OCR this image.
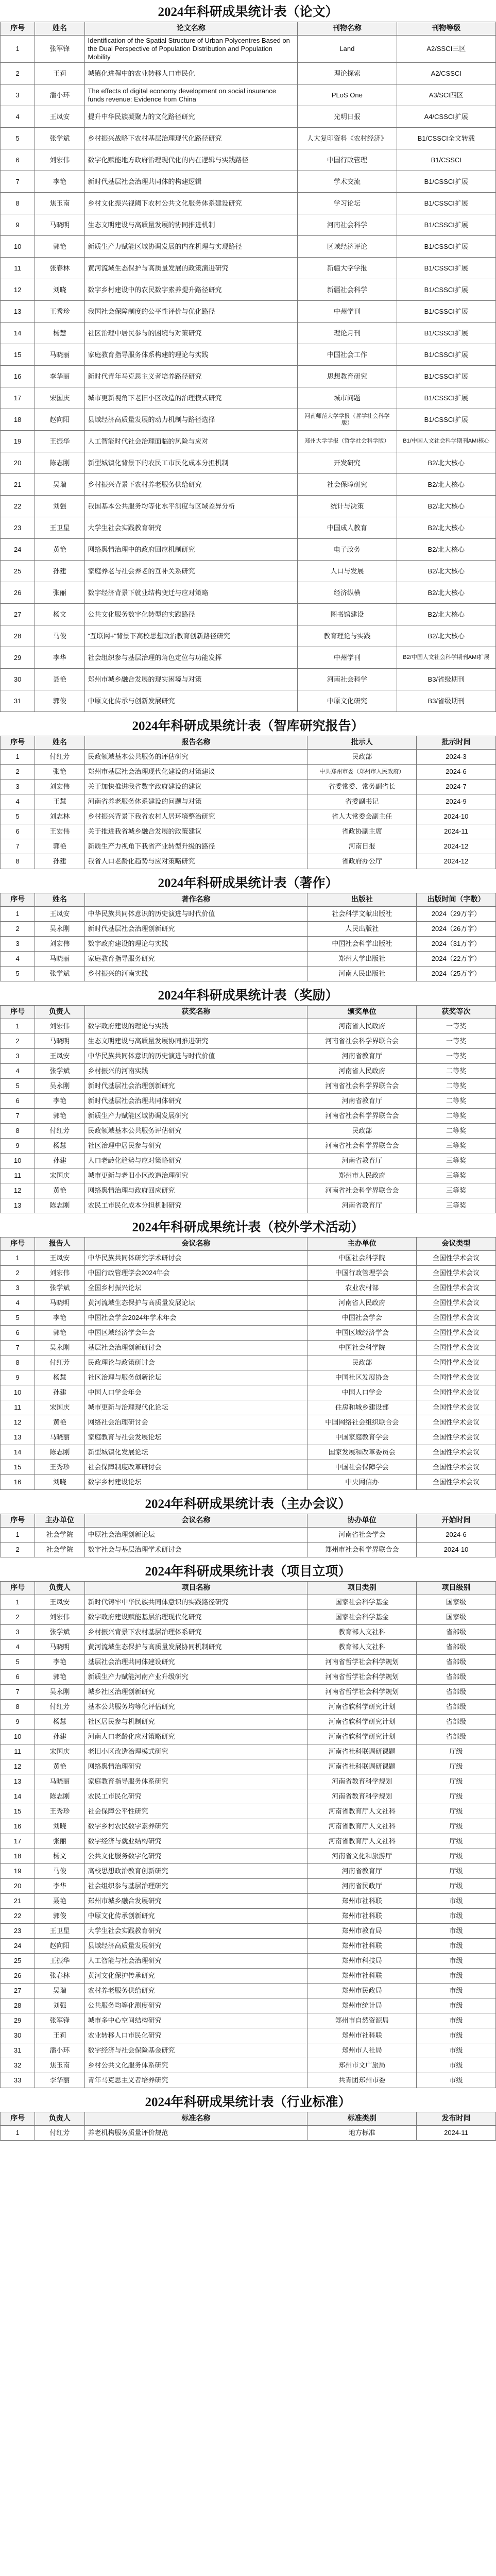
2024年科研成果统计表（论文）
序号	姓名	论文名称	刊物名称	刊物等级
1	张军锋	Identification of the Spatial Structure of Urban Polycentres Based on the Dual Perspective of Population Distribution and Population Mobility	Land	A2/SSCI三区
2	王莉	城镇化进程中的农业转移人口市民化	理论探索	A2/CSSCI
3	潘小环	The effects of digital economy development on social insurance funds revenue: Evidence from China	PLoS One	A3/SCI四区
4	王凤安	提升中华民族凝聚力的文化路径研究	光明日报	A4/CSSCI扩展
5	张学斌	乡村振兴战略下农村基层治理现代化路径研究	人大复印资料《农村经济》	B1/CSSCI全文转载
6	刘宏伟	数字化赋能地方政府治理现代化的内在逻辑与实践路径	中国行政管理	B1/CSSCI
7	李艳	新时代基层社会治理共同体的构建逻辑	学术交流	B1/CSSCI扩展
8	焦玉南	乡村文化振兴视阈下农村公共文化服务体系建设研究	学习论坛	B1/CSSCI扩展
9	马晓明	生态文明建设与高质量发展的协同推进机制	河南社会科学	B1/CSSCI扩展
10	郭艳	新质生产力赋能区域协调发展的内在机理与实现路径	区域经济评论	B1/CSSCI扩展
11	张春林	黄河流域生态保护与高质量发展的政策演进研究	新疆大学学报	B1/CSSCI扩展
12	刘晓	数字乡村建设中的农民数字素养提升路径研究	新疆社会科学	B1/CSSCI扩展
13	王秀珍	我国社会保障制度的公平性评价与优化路径	中州学刊	B1/CSSCI扩展
14	杨慧	社区治理中居民参与的困境与对策研究	理论月刊	B1/CSSCI扩展
15	马晓丽	家庭教育指导服务体系构建的理论与实践	中国社会工作	B1/CSSCI扩展
16	李华丽	新时代青年马克思主义者培养路径研究	思想教育研究	B1/CSSCI扩展
17	宋国庆	城市更新视角下老旧小区改造的治理模式研究	城市问题	B1/CSSCI扩展
18	赵向阳	县域经济高质量发展的动力机制与路径选择	河南师范大学学报（哲学社会科学版）	B1/CSSCI扩展
19	王振华	人工智能时代社会治理面临的风险与应对	郑州大学学报（哲学社会科学版）	B1/中国人文社会科学期刊AMI核心
20	陈志刚	新型城镇化背景下的农民工市民化成本分担机制	开发研究	B2/北大核心
21	吴瑞	乡村振兴背景下农村养老服务供给研究	社会保障研究	B2/北大核心
22	刘强	我国基本公共服务均等化水平测度与区域差异分析	统计与决策	B2/北大核心
23	王卫星	大学生社会实践教育研究	中国成人教育	B2/北大核心
24	黄艳	网络舆情治理中的政府回应机制研究	电子政务	B2/北大核心
25	孙建	家庭养老与社会养老的互补关系研究	人口与发展	B2/北大核心
26	张丽	数字经济背景下就业结构变迁与应对策略	经济纵横	B2/北大核心
27	杨文	公共文化服务数字化转型的实践路径	图书馆建设	B2/北大核心
28	马俊	“互联网+”背景下高校思想政治教育创新路径研究	教育理论与实践	B2/北大核心
29	李华	社会组织参与基层治理的角色定位与功能发挥	中州学刊	B2/中国人文社会科学期刊AMI扩展
30	聂艳	郑州市城乡融合发展的现实困境与对策	河南社会科学	B3/省级期刊
31	郭俊	中原文化传承与创新发展研究	中原文化研究	B3/省级期刊
2024年科研成果统计表（智库研究报告）
序号	姓名	报告名称	批示人	批示时间
1	付红芳	民政领域基本公共服务的评估研究	民政部	2024-3
2	张艳	郑州市基层社会治理现代化建设的对策建议	中共郑州市委（郑州市人民政府）	2024-6
3	刘宏伟	关于加快推进我省数字政府建设的建议	省委常委、常务副省长	2024-7
4	王慧	河南省养老服务体系建设的问题与对策	省委副书记	2024-9
5	刘志林	乡村振兴背景下我省农村人居环境整治研究	省人大常委会副主任	2024-10
6	王宏伟	关于推进我省城乡融合发展的政策建议	省政协副主席	2024-11
7	郭艳	新质生产力视角下我省产业转型升级的路径	河南日报	2024-12
8	孙建	我省人口老龄化趋势与应对策略研究	省政府办公厅	2024-12
2024年科研成果统计表（著作）
序号	姓名	著作名称	出版社	出版时间（字数）
1	王凤安	中华民族共同体意识的历史演进与时代价值	社会科学文献出版社	2024（29万字）
2	吴永刚	新时代基层社会治理创新研究	人民出版社	2024（26万字）
3	刘宏伟	数字政府建设的理论与实践	中国社会科学出版社	2024（31万字）
4	马晓丽	家庭教育指导服务研究	郑州大学出版社	2024（22万字）
5	张学斌	乡村振兴的河南实践	河南人民出版社	2024（25万字）
2024年科研成果统计表（奖励）
序号	负责人	获奖名称	颁奖单位	获奖等次
1	刘宏伟	数字政府建设的理论与实践	河南省人民政府	一等奖
2	马晓明	生态文明建设与高质量发展协同推进研究	河南省社会科学界联合会	一等奖
3	王凤安	中华民族共同体意识的历史演进与时代价值	河南省教育厅	一等奖
4	张学斌	乡村振兴的河南实践	河南省人民政府	二等奖
5	吴永刚	新时代基层社会治理创新研究	河南省社会科学界联合会	二等奖
6	李艳	新时代基层社会治理共同体研究	河南省教育厅	二等奖
7	郭艳	新质生产力赋能区域协调发展研究	河南省社会科学界联合会	二等奖
8	付红芳	民政领域基本公共服务评估研究	民政部	二等奖
9	杨慧	社区治理中居民参与研究	河南省社会科学界联合会	三等奖
10	孙建	人口老龄化趋势与应对策略研究	河南省教育厅	三等奖
11	宋国庆	城市更新与老旧小区改造治理研究	郑州市人民政府	三等奖
12	黄艳	网络舆情治理与政府回应研究	河南省社会科学界联合会	三等奖
13	陈志刚	农民工市民化成本分担机制研究	河南省教育厅	三等奖
2024年科研成果统计表（校外学术活动）
序号	报告人	会议名称	主办单位	会议类型
1	王凤安	中华民族共同体研究学术研讨会	中国社会科学院	全国性学术会议
2	刘宏伟	中国行政管理学会2024年会	中国行政管理学会	全国性学术会议
3	张学斌	全国乡村振兴论坛	农业农村部	全国性学术会议
4	马晓明	黄河流域生态保护与高质量发展论坛	河南省人民政府	全国性学术会议
5	李艳	中国社会学会2024年学术年会	中国社会学会	全国性学术会议
6	郭艳	中国区域经济学会年会	中国区域经济学会	全国性学术会议
7	吴永刚	基层社会治理创新研讨会	中国社会科学院	全国性学术会议
8	付红芳	民政理论与政策研讨会	民政部	全国性学术会议
9	杨慧	社区治理与服务创新论坛	中国社区发展协会	全国性学术会议
10	孙建	中国人口学会年会	中国人口学会	全国性学术会议
11	宋国庆	城市更新与治理现代化论坛	住房和城乡建设部	全国性学术会议
12	黄艳	网络社会治理研讨会	中国网络社会组织联合会	全国性学术会议
13	马晓丽	家庭教育与社会发展论坛	中国家庭教育学会	全国性学术会议
14	陈志刚	新型城镇化发展论坛	国家发展和改革委员会	全国性学术会议
15	王秀珍	社会保障制度改革研讨会	中国社会保障学会	全国性学术会议
16	刘晓	数字乡村建设论坛	中央网信办	全国性学术会议
2024年科研成果统计表（主办会议）
序号	主办单位	会议名称	协办单位	开始时间
1	社会学院	中原社会治理创新论坛	河南省社会学会	2024-6
2	社会学院	数字社会与基层治理学术研讨会	郑州市社会科学界联合会	2024-10
2024年科研成果统计表（项目立项）
序号	负责人	项目名称	项目类别	项目级别
1	王凤安	新时代铸牢中华民族共同体意识的实践路径研究	国家社会科学基金	国家级
2	刘宏伟	数字政府建设赋能基层治理现代化研究	国家社会科学基金	国家级
3	张学斌	乡村振兴背景下农村基层治理体系研究	教育部人文社科	省部级
4	马晓明	黄河流域生态保护与高质量发展协同机制研究	教育部人文社科	省部级
5	李艳	基层社会治理共同体建设研究	河南省哲学社会科学规划	省部级
6	郭艳	新质生产力赋能河南产业升级研究	河南省哲学社会科学规划	省部级
7	吴永刚	城乡社区治理创新研究	河南省哲学社会科学规划	省部级
8	付红芳	基本公共服务均等化评估研究	河南省软科学研究计划	省部级
9	杨慧	社区居民参与机制研究	河南省软科学研究计划	省部级
10	孙建	河南人口老龄化应对策略研究	河南省软科学研究计划	省部级
11	宋国庆	老旧小区改造治理模式研究	河南省社科联调研课题	厅级
12	黄艳	网络舆情治理研究	河南省社科联调研课题	厅级
13	马晓丽	家庭教育指导服务体系研究	河南省教育科学规划	厅级
14	陈志刚	农民工市民化研究	河南省教育科学规划	厅级
15	王秀珍	社会保障公平性研究	河南省教育厅人文社科	厅级
16	刘晓	数字乡村农民数字素养研究	河南省教育厅人文社科	厅级
17	张丽	数字经济与就业结构研究	河南省教育厅人文社科	厅级
18	杨文	公共文化服务数字化研究	河南省文化和旅游厅	厅级
19	马俊	高校思想政治教育创新研究	河南省教育厅	厅级
20	李华	社会组织参与基层治理研究	河南省民政厅	厅级
21	聂艳	郑州市城乡融合发展研究	郑州市社科联	市级
22	郭俊	中原文化传承创新研究	郑州市社科联	市级
23	王卫星	大学生社会实践教育研究	郑州市教育局	市级
24	赵向阳	县域经济高质量发展研究	郑州市社科联	市级
25	王振华	人工智能与社会治理研究	郑州市科技局	市级
26	张春林	黄河文化保护传承研究	郑州市社科联	市级
27	吴瑞	农村养老服务供给研究	郑州市民政局	市级
28	刘强	公共服务均等化测度研究	郑州市统计局	市级
29	张军锋	城市多中心空间结构研究	郑州市自然资源局	市级
30	王莉	农业转移人口市民化研究	郑州市社科联	市级
31	潘小环	数字经济与社会保险基金研究	郑州市人社局	市级
32	焦玉南	乡村公共文化服务体系研究	郑州市文广旅局	市级
33	李华丽	青年马克思主义者培养研究	共青团郑州市委	市级
2024年科研成果统计表（行业标准）
序号	负责人	标准名称	标准类别	发布时间
1	付红芳	养老机构服务质量评价规范	地方标准	2024-11
